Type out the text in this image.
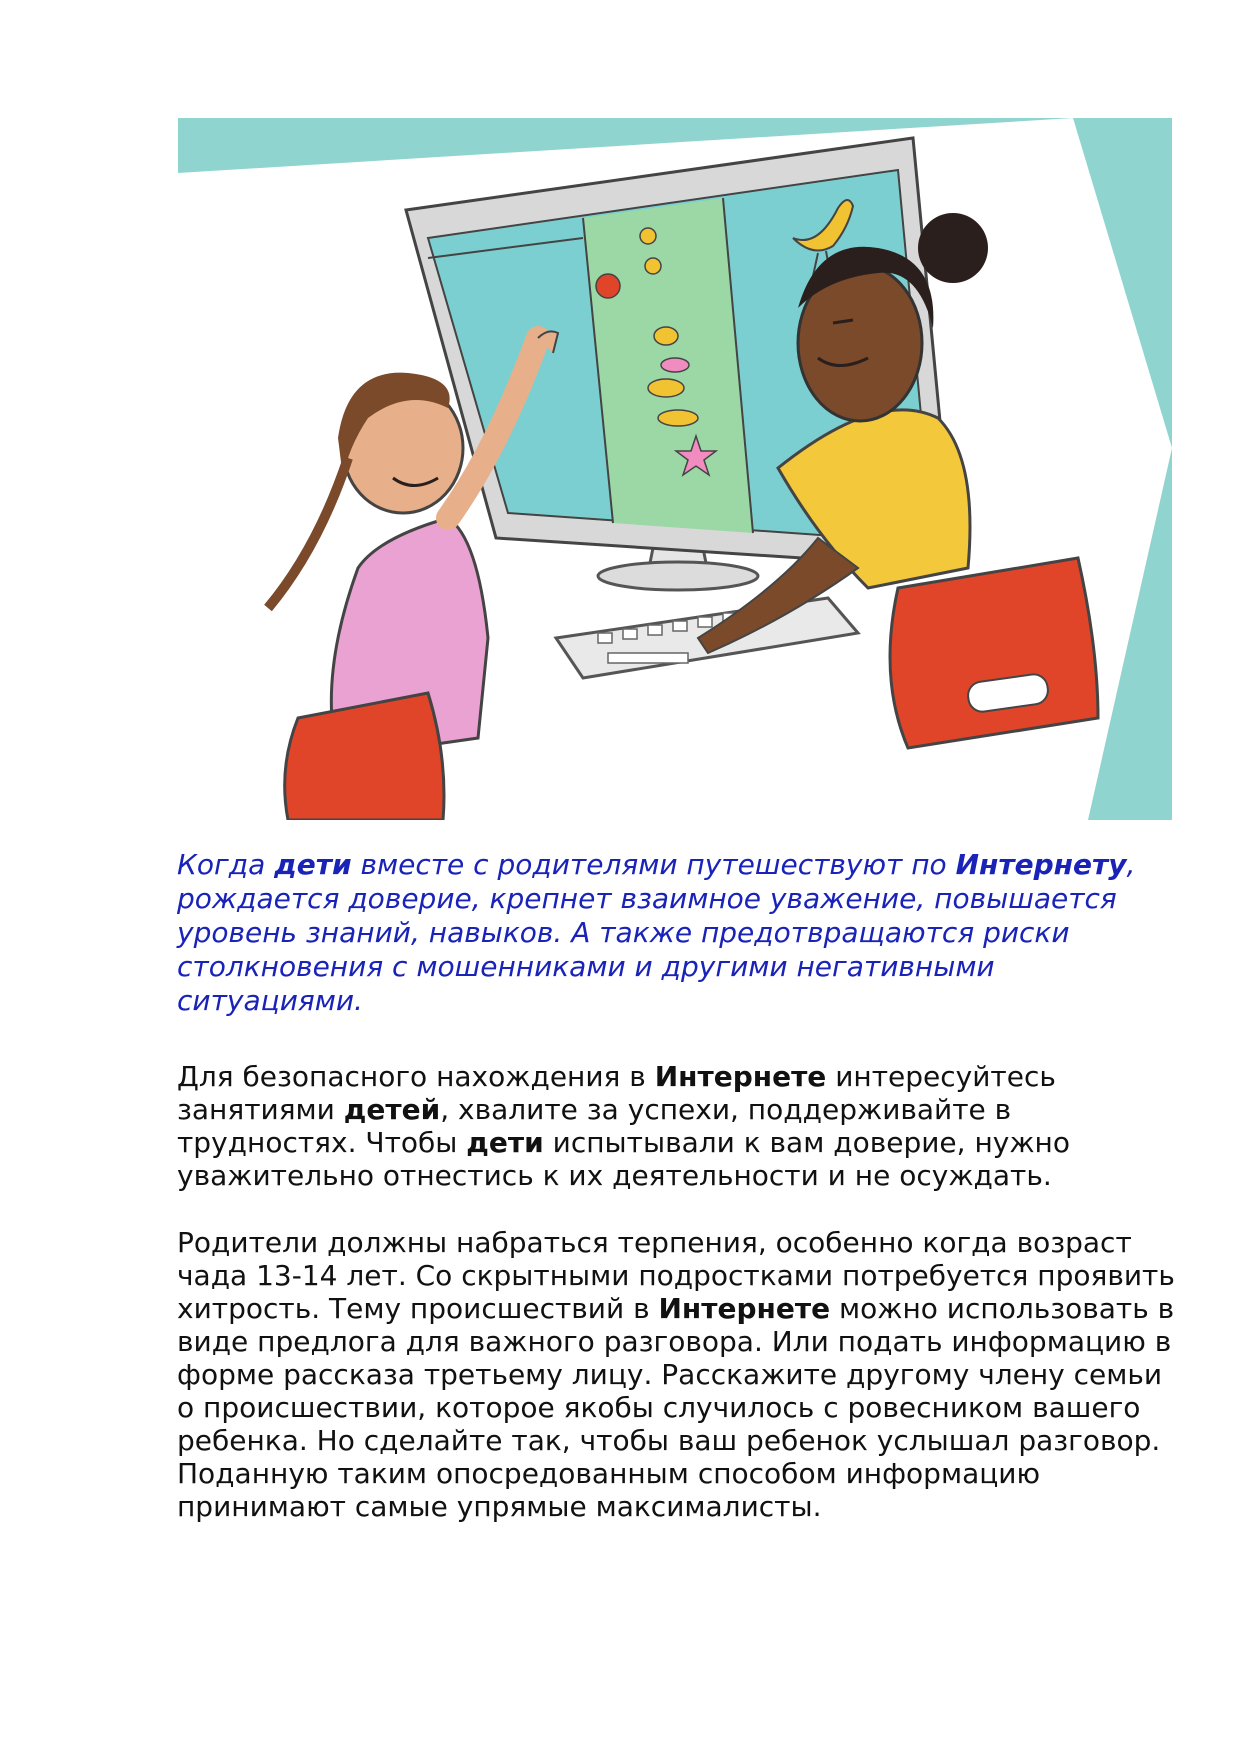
Когда дети вместе с родителями путешествуют по Интернету, рождается доверие, крепнет взаимное уважение, повышается уровень знаний, навыков. А также предотвращаются риски столкновения с мошенниками и другими негативными ситуациями.

Для безопасного нахождения в Интернете интересуйтесь занятиями детей, хвалите за успехи, поддерживайте в трудностях. Чтобы дети испытывали к вам доверие, нужно уважительно отнестись к их деятельности и не осуждать.

Родители должны набраться терпения, особенно когда возраст чада 13-14 лет. Со скрытными подростками потребуется проявить хитрость. Тему происшествий в Интернете можно использовать в виде предлога для важного разговора. Или подать информацию в форме рассказа третьему лицу. Расскажите другому члену семьи о происшествии, которое якобы случилось с ровесником вашего ребенка. Но сделайте так, чтобы ваш ребенок услышал разговор. Поданную таким опосредованным способом информацию принимают самые упрямые максималисты.
